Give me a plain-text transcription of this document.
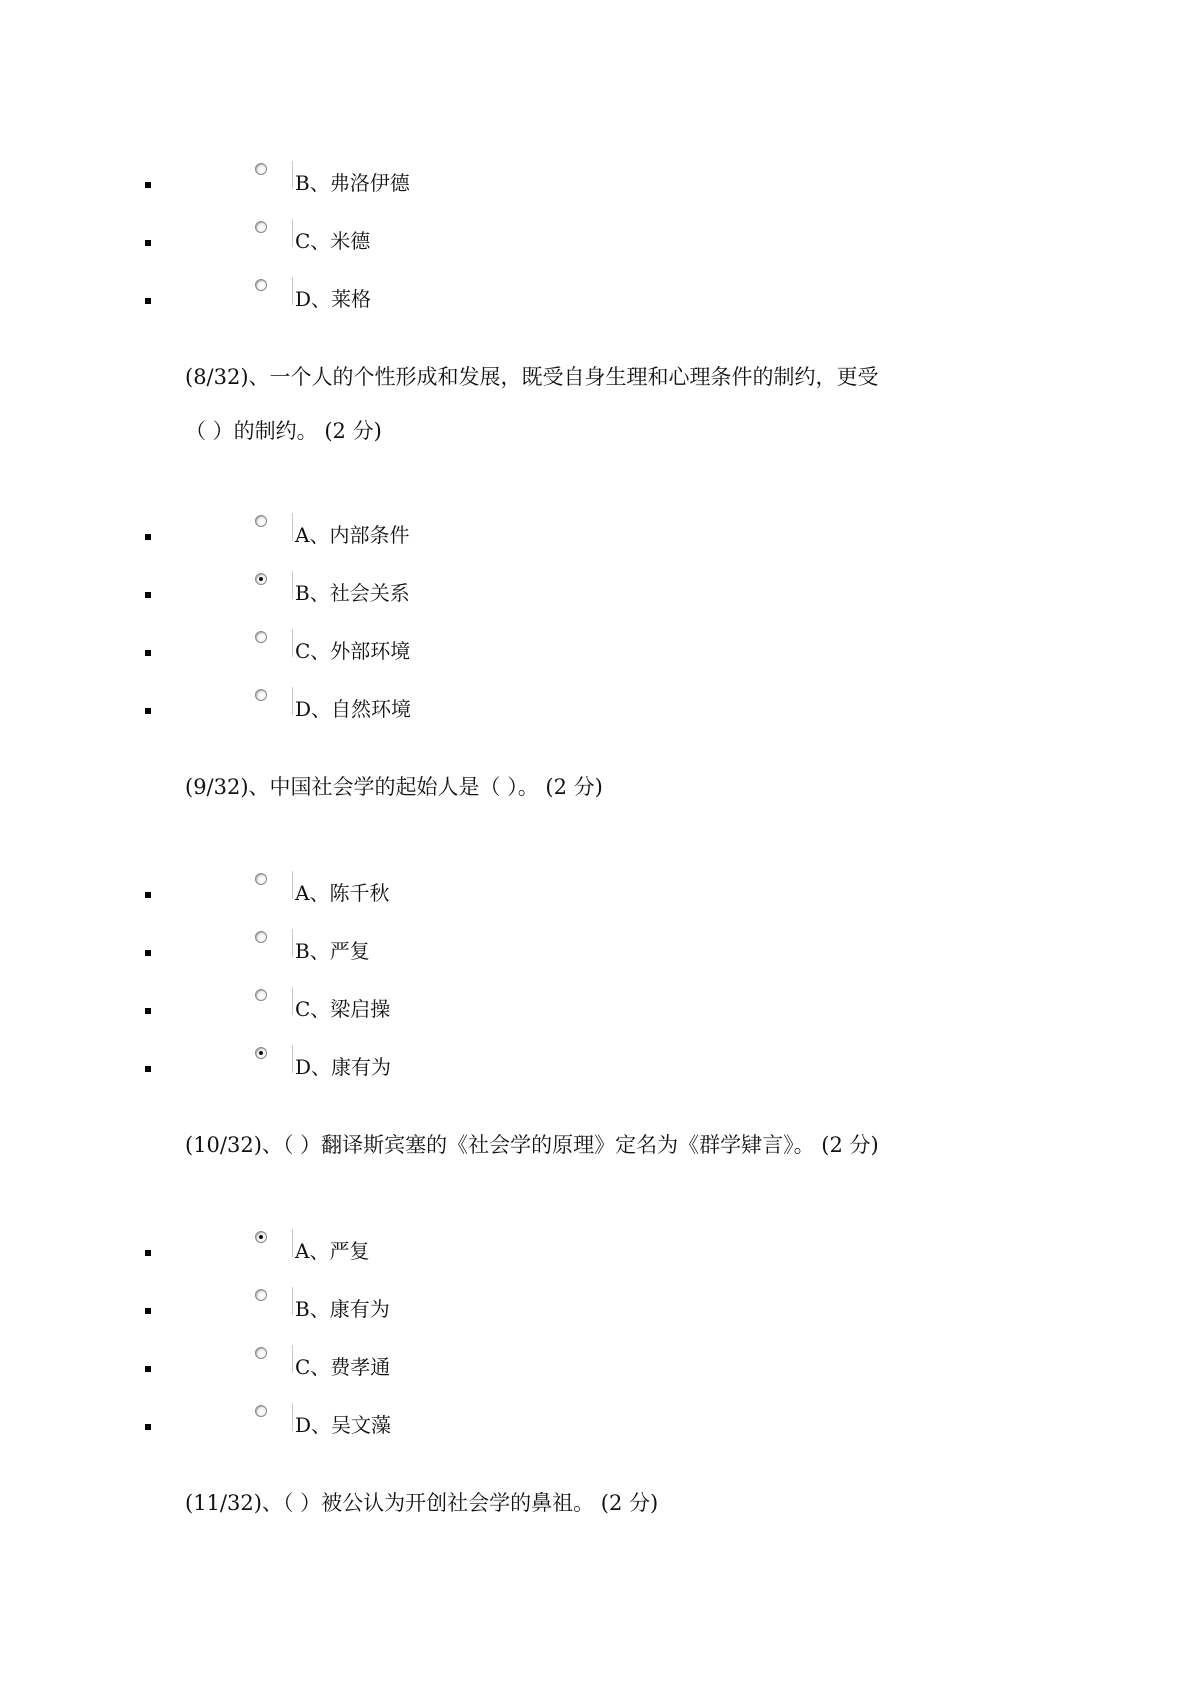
B、弗洛伊德
C、米德
D、莱格
(8/32)、一个人的个性形成和发展，既受自身生理和心理条件的制约，更受
（ ）的制约。 (2 分)
A、内部条件
B、社会关系
C、外部环境
D、自然环境
(9/32)、中国社会学的起始人是（ ）。 (2 分)
A、陈千秋
B、严复
C、梁启操
D、康有为
(10/32)、（ ）翻译斯宾塞的《社会学的原理》定名为《群学肄言》。 (2 分)
A、严复
B、康有为
C、费孝通
D、吴文藻
(11/32)、（ ）被公认为开创社会学的鼻祖。 (2 分)
